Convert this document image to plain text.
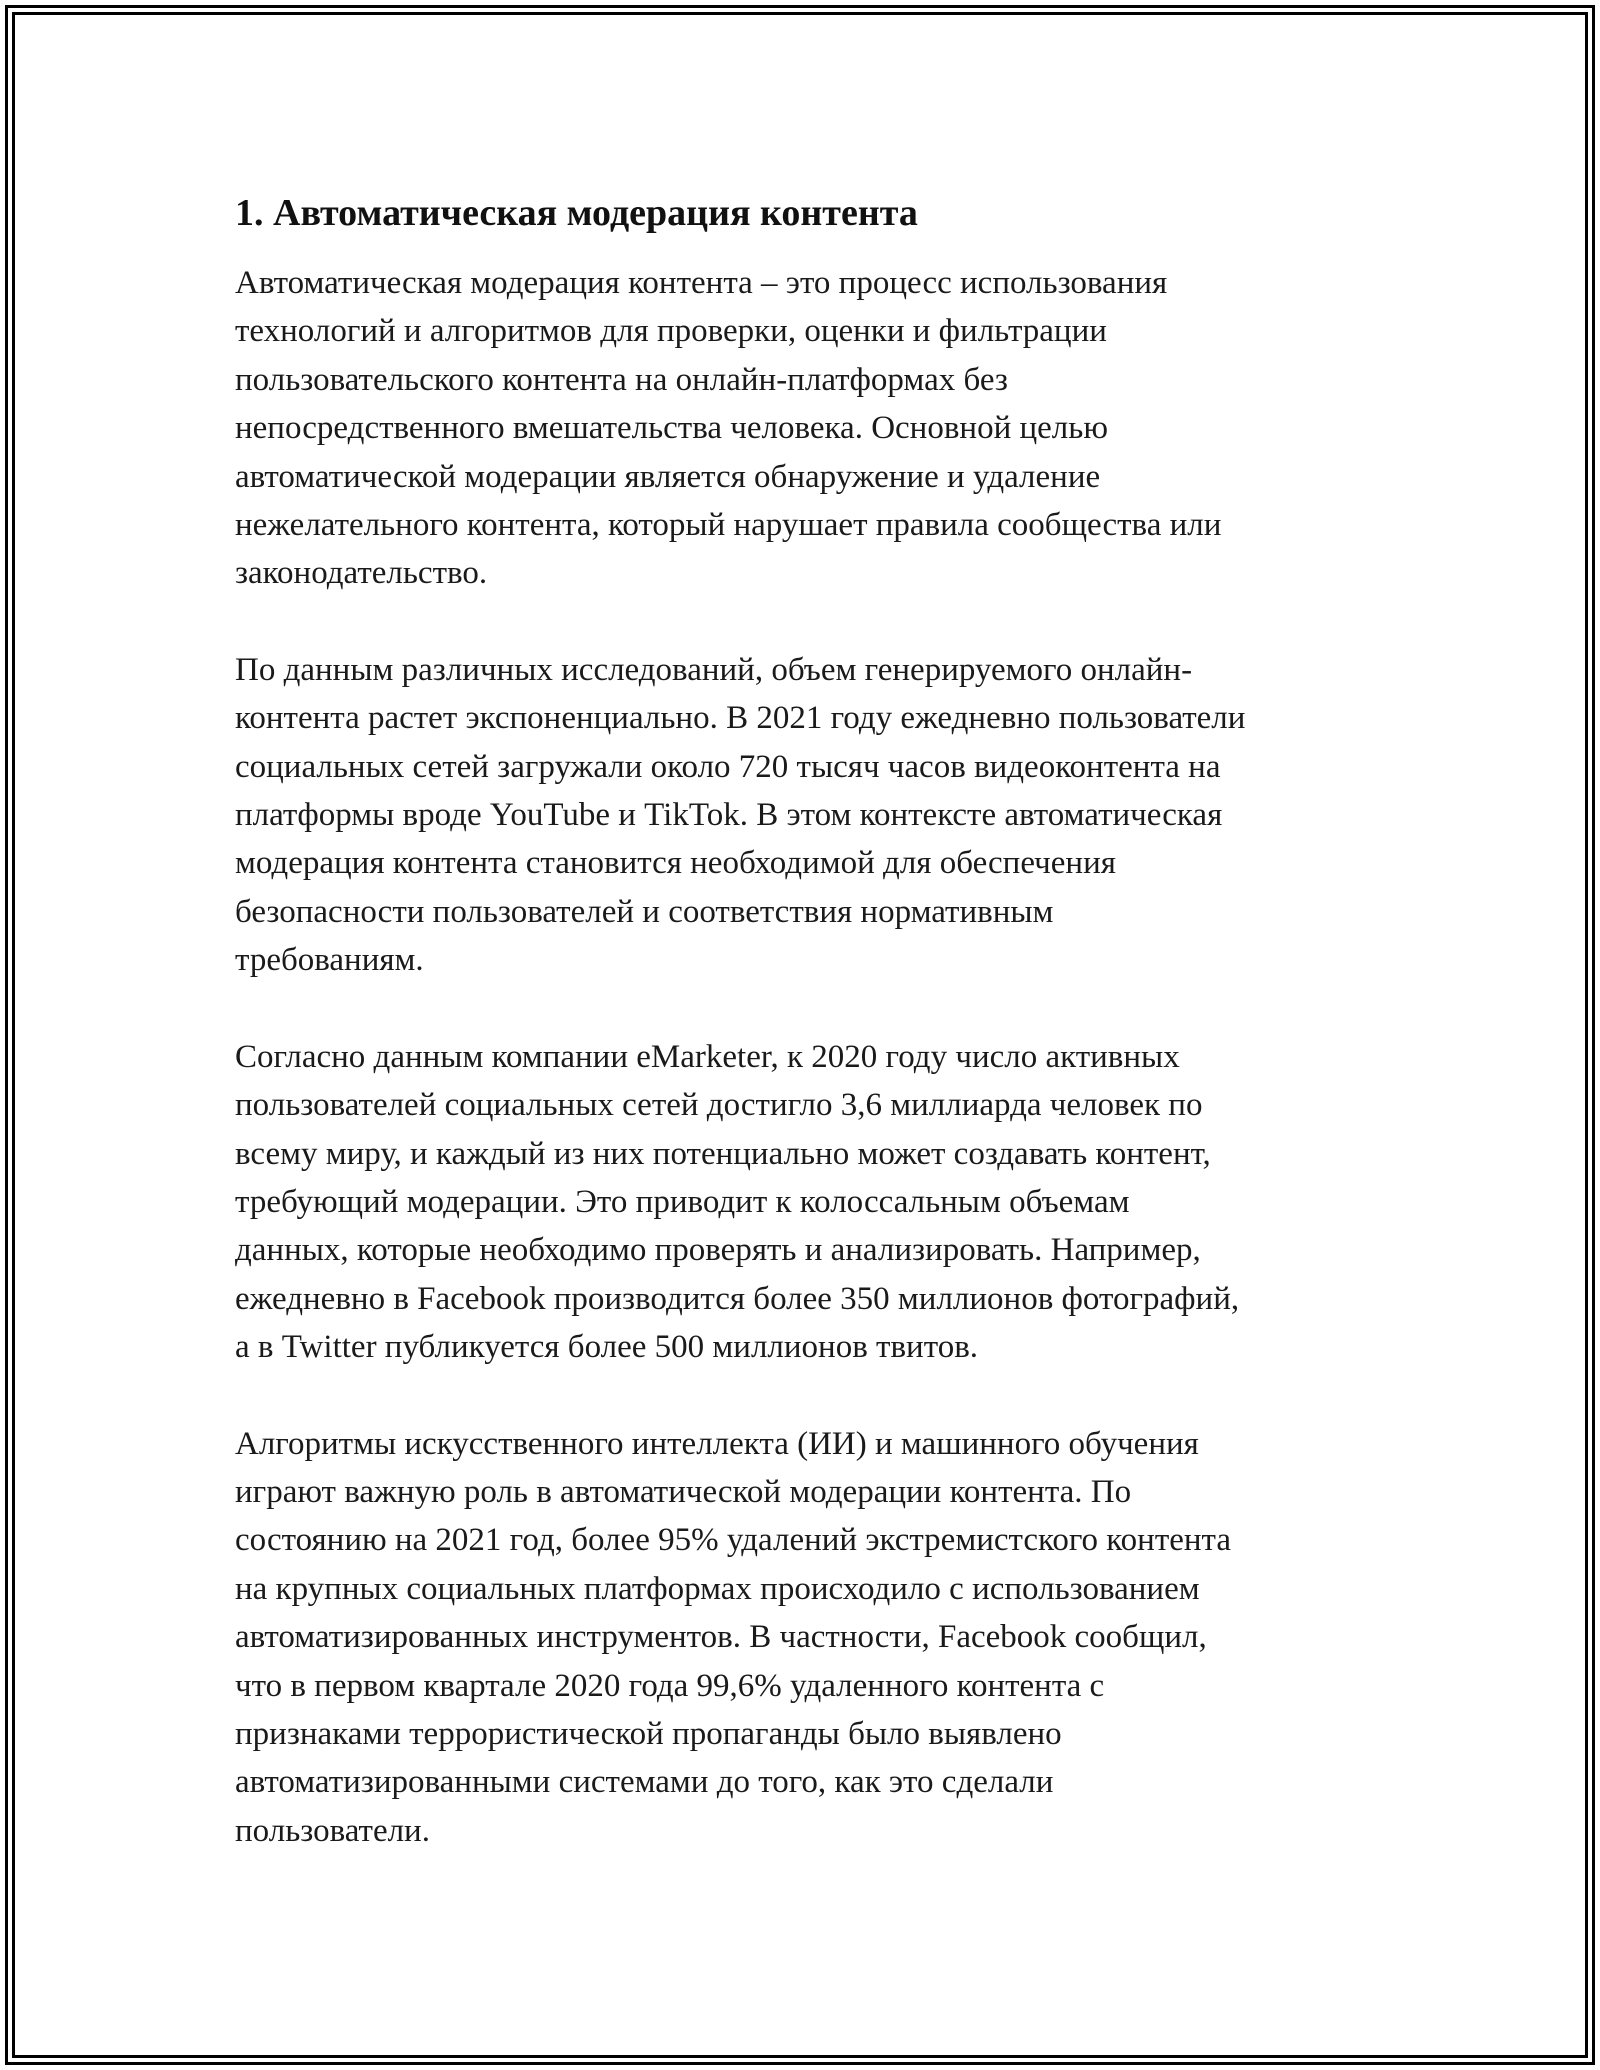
1. Автоматическая модерация контента

Автоматическая модерация контента – это процесс использования
технологий и алгоритмов для проверки, оценки и фильтрации
пользовательского контента на онлайн-платформах без
непосредственного вмешательства человека. Основной целью
автоматической модерации является обнаружение и удаление
нежелательного контента, который нарушает правила сообщества или
законодательство.

По данным различных исследований, объем генерируемого онлайн-
контента растет экспоненциально. В 2021 году ежедневно пользователи
социальных сетей загружали около 720 тысяч часов видеоконтента на
платформы вроде YouTube и TikTok. В этом контексте автоматическая
модерация контента становится необходимой для обеспечения
безопасности пользователей и соответствия нормативным
требованиям.

Согласно данным компании eMarketer, к 2020 году число активных
пользователей социальных сетей достигло 3,6 миллиарда человек по
всему миру, и каждый из них потенциально может создавать контент,
требующий модерации. Это приводит к колоссальным объемам
данных, которые необходимо проверять и анализировать. Например,
ежедневно в Facebook производится более 350 миллионов фотографий,
а в Twitter публикуется более 500 миллионов твитов.

Алгоритмы искусственного интеллекта (ИИ) и машинного обучения
играют важную роль в автоматической модерации контента. По
состоянию на 2021 год, более 95% удалений экстремистского контента
на крупных социальных платформах происходило с использованием
автоматизированных инструментов. В частности, Facebook сообщил,
что в первом квартале 2020 года 99,6% удаленного контента с
признаками террористической пропаганды было выявлено
автоматизированными системами до того, как это сделали
пользователи.
